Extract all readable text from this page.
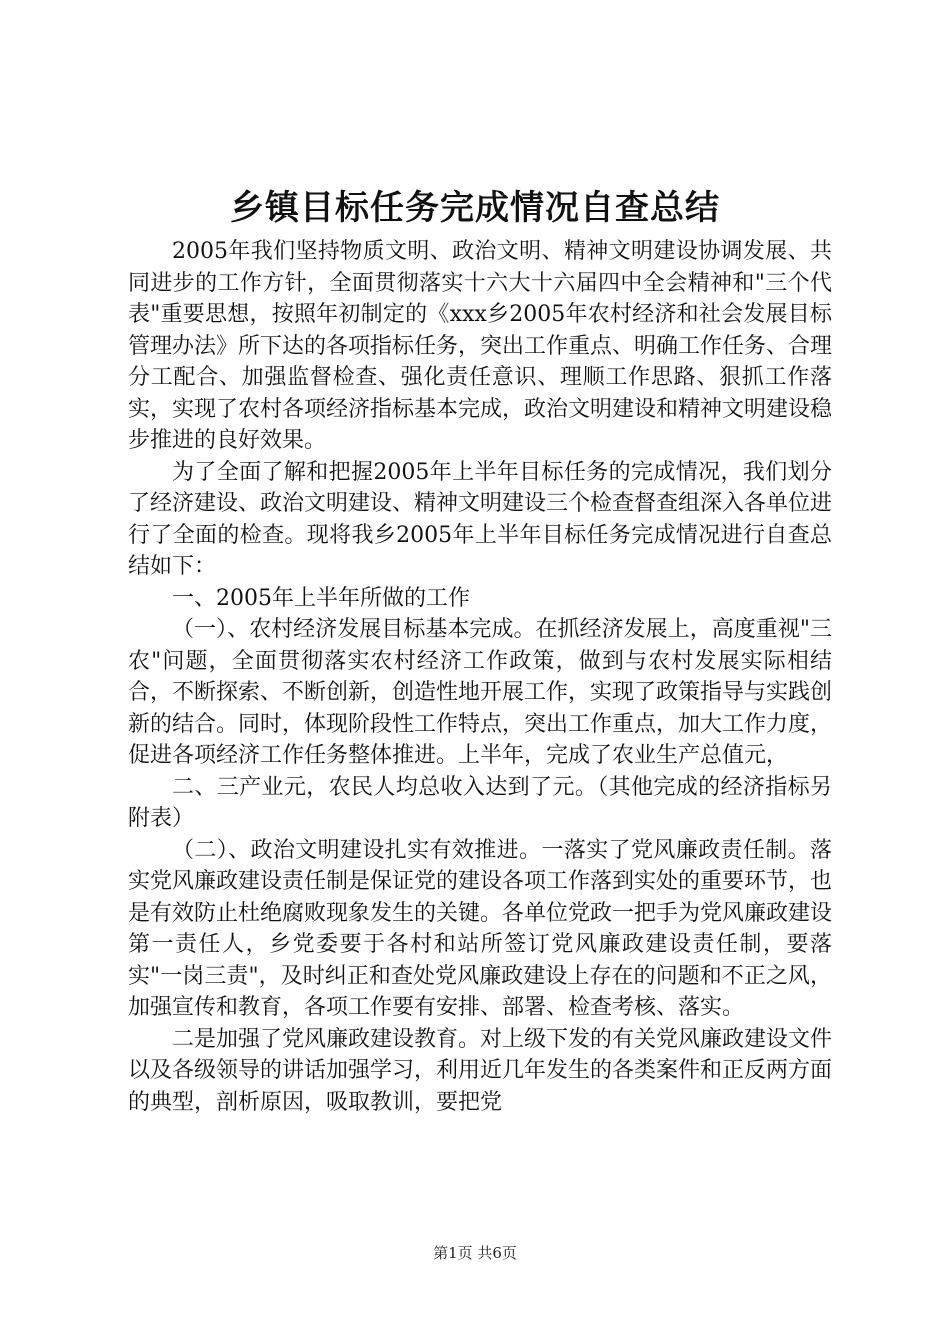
乡镇目标任务完成情况自查总结

2005年我们坚持物质文明、政治文明、精神文明建设协调发展、共同进步的工作方针，全面贯彻落实十六大十六届四中全会精神和"三个代表"重要思想，按照年初制定的《xxx乡2005年农村经济和社会发展目标管理办法》所下达的各项指标任务，突出工作重点、明确工作任务、合理分工配合、加强监督检查、强化责任意识、理顺工作思路、狠抓工作落实，实现了农村各项经济指标基本完成，政治文明建设和精神文明建设稳步推进的良好效果。

为了全面了解和把握2005年上半年目标任务的完成情况，我们划分了经济建设、政治文明建设、精神文明建设三个检查督查组深入各单位进行了全面的检查。现将我乡2005年上半年目标任务完成情况进行自查总结如下：

一、2005年上半年所做的工作

（一）、农村经济发展目标基本完成。在抓经济发展上，高度重视"三农"问题，全面贯彻落实农村经济工作政策，做到与农村发展实际相结合，不断探索、不断创新，创造性地开展工作，实现了政策指导与实践创新的结合。同时，体现阶段性工作特点，突出工作重点，加大工作力度，促进各项经济工作任务整体推进。上半年，完成了农业生产总值元，

二、三产业元，农民人均总收入达到了元。（其他完成的经济指标另附表）

（二）、政治文明建设扎实有效推进。一落实了党风廉政责任制。落实党风廉政建设责任制是保证党的建设各项工作落到实处的重要环节，也是有效防止杜绝腐败现象发生的关键。各单位党政一把手为党风廉政建设第一责任人，乡党委要于各村和站所签订党风廉政建设责任制，要落实"一岗三责"，及时纠正和查处党风廉政建设上存在的问题和不正之风，加强宣传和教育，各项工作要有安排、部署、检查考核、落实。

二是加强了党风廉政建设教育。对上级下发的有关党风廉政建设文件以及各级领导的讲话加强学习，利用近几年发生的各类案件和正反两方面的典型，剖析原因，吸取教训，要把党

第1页 共6页
